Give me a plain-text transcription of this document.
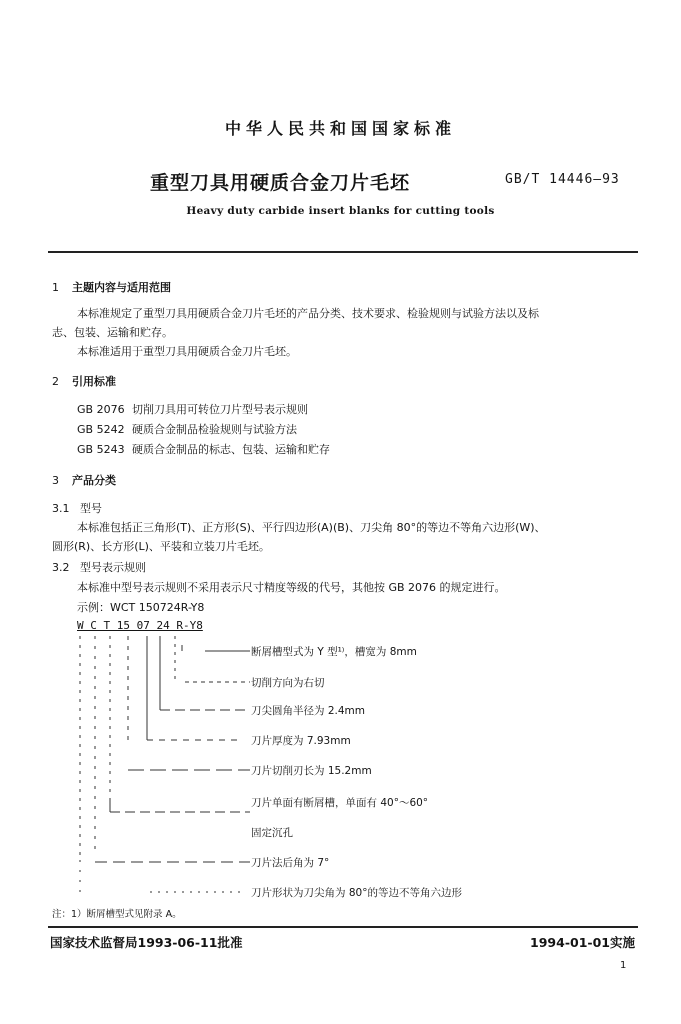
中华人民共和国国家标准
重型刀具用硬质合金刀片毛坯	GB/T 14446—93
Heavy duty carbide insert blanks for cutting tools
1 主题内容与适用范围
本标准规定了重型刀具用硬质合金刀片毛坯的产品分类、技术要求、检验规则与试验方法以及标
志、包装、运输和贮存。
本标准适用于重型刀具用硬质合金刀片毛坯。
2 引用标准
GB 2076 切削刀具用可转位刀片型号表示规则
GB 5242 硬质合金制品检验规则与试验方法
GB 5243 硬质合金制品的标志、包装、运输和贮存
3 产品分类
3.1 型号
本标准包括正三角形(T)、正方形(S)、平行四边形(A)(B)、刀尖角 80°的等边不等角六边形(W)、
圆形(R)、长方形(L)、平装和立装刀片毛坯。
3.2 型号表示规则
本标准中型号表示规则不采用表示尺寸精度等级的代号，其他按 GB 2076 的规定进行。
示例：WCT 150724R-Y8
W C T 15 07 24 R-Y8
断屑槽型式为 Y 型¹⁾，槽宽为 8mm
切削方向为右切
刀尖圆角半径为 2.4mm
刀片厚度为 7.93mm
刀片切削刃长为 15.2mm
刀片单面有断屑槽，单面有 40°～60°
固定沉孔
刀片法后角为 7°
刀片形状为刀尖角为 80°的等边不等角六边形
注：1）断屑槽型式见附录 A。
国家技术监督局1993-06-11批准	1994-01-01实施
1
